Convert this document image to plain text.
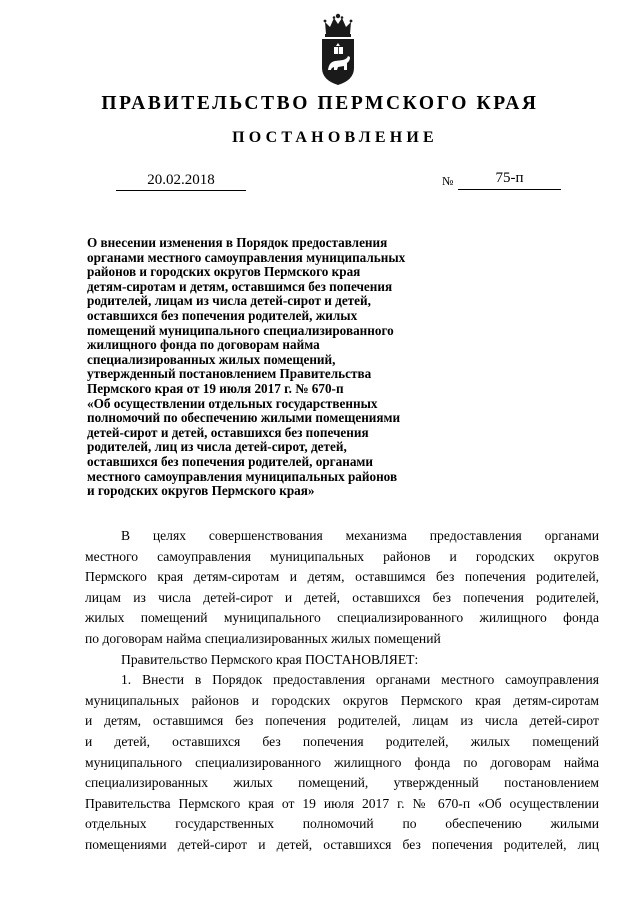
ПРАВИТЕЛЬСТВО ПЕРМСКОГО КРАЯ
ПОСТАНОВЛЕНИЕ
20.02.2018	№	75-п
О внесении изменения в Порядок предоставления
органами местного самоуправления муниципальных
районов и городских округов Пермского края
детям-сиротам и детям, оставшимся без попечения
родителей, лицам из числа детей-сирот и детей,
оставшихся без попечения родителей, жилых
помещений муниципального специализированного
жилищного фонда по договорам найма
специализированных жилых помещений,
утвержденный постановлением Правительства
Пермского края от 19 июля 2017 г. № 670-п
«Об осуществлении отдельных государственных
полномочий по обеспечению жилыми помещениями
детей-сирот и детей, оставшихся без попечения
родителей, лиц из числа детей-сирот, детей,
оставшихся без попечения родителей, органами
местного самоуправления муниципальных районов
и городских округов Пермского края»
В целях совершенствования механизма предоставления органами
местного самоуправления муниципальных районов и городских округов
Пермского края детям-сиротам и детям, оставшимся без попечения родителей,
лицам из числа детей-сирот и детей, оставшихся без попечения родителей,
жилых помещений муниципального специализированного жилищного фонда
по договорам найма специализированных жилых помещений
Правительство Пермского края ПОСТАНОВЛЯЕТ:
1. Внести в Порядок предоставления органами местного самоуправления
муниципальных районов и городских округов Пермского края детям-сиротам
и детям, оставшимся без попечения родителей, лицам из числа детей-сирот
и детей, оставшихся без попечения родителей, жилых помещений
муниципального специализированного жилищного фонда по договорам найма
специализированных жилых помещений, утвержденный постановлением
Правительства Пермского края от 19 июля 2017 г. № 670-п «Об осуществлении
отдельных государственных полномочий по обеспечению жилыми
помещениями детей-сирот и детей, оставшихся без попечения родителей, лиц
